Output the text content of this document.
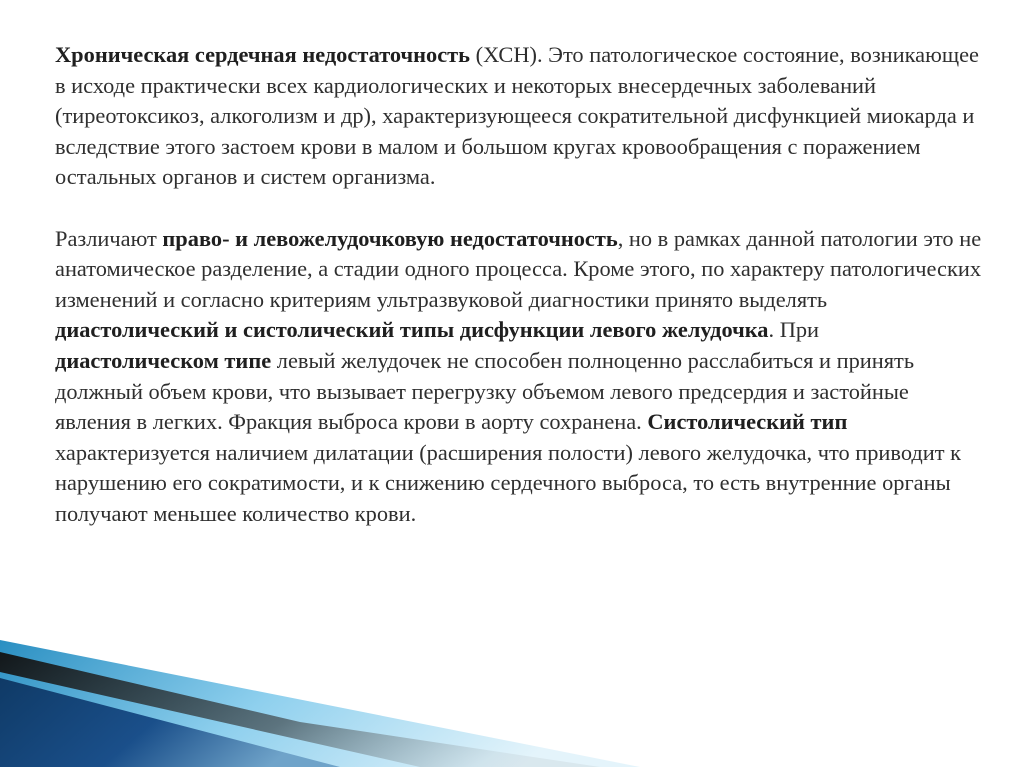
Хроническая сердечная недостаточность (ХСН). Это патологическое состояние, возникающее в исходе практически всех кардиологических и некоторых внесердечных заболеваний (тиреотоксикоз, алкоголизм и др), характеризующееся сократительной дисфункцией миокарда и вследствие этого застоем крови в малом и большом кругах кровообращения с поражением остальных органов и систем организма.

Различают право- и левожелудочковую недостаточность, но в рамках данной патологии это не анатомическое разделение, а стадии одного процесса. Кроме этого, по характеру патологических изменений и согласно критериям ультразвуковой диагностики принято выделять диастолический и систолический типы дисфункции левого желудочка. При диастолическом типе левый желудочек не способен полноценно расслабиться и принять должный объем крови, что вызывает перегрузку объемом левого предсердия и застойные явления в легких. Фракция выброса крови в аорту сохранена. Систолический тип характеризуется наличием дилатации (расширения полости) левого желудочка, что приводит к нарушению его сократимости, и к снижению сердечного выброса, то есть внутренние органы получают меньшее количество крови.
